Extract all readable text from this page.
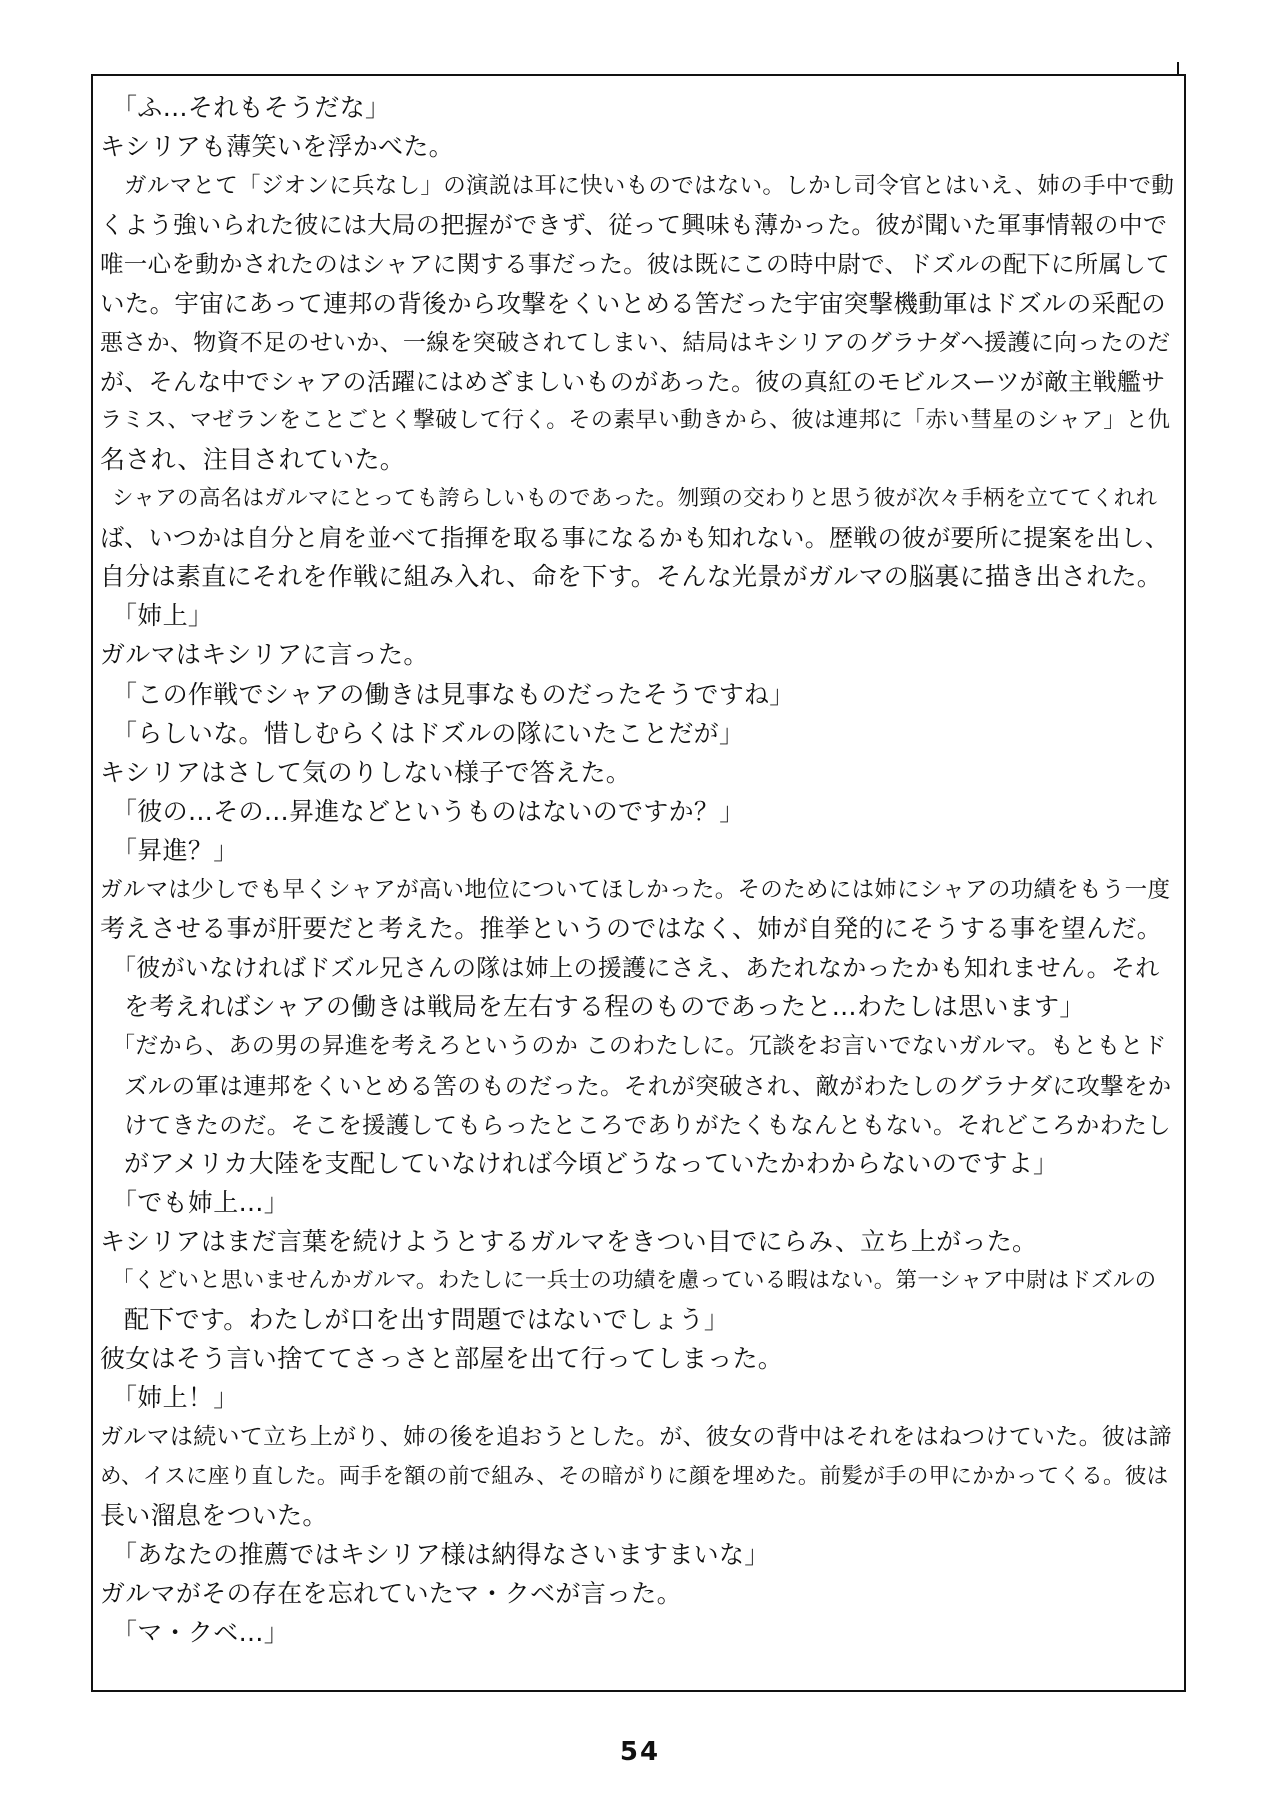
「ふ…それもそうだな」
キシリアも薄笑いを浮かべた。
ガルマとて「ジオンに兵なし」の演説は耳に快いものではない。しかし司令官とはいえ、姉の手中で動
くよう強いられた彼には大局の把握ができず、従って興味も薄かった。彼が聞いた軍事情報の中で
唯一心を動かされたのはシャアに関する事だった。彼は既にこの時中尉で、ドズルの配下に所属して
いた。宇宙にあって連邦の背後から攻撃をくいとめる筈だった宇宙突撃機動軍はドズルの采配の
悪さか、物資不足のせいか、一線を突破されてしまい、結局はキシリアのグラナダへ援護に向ったのだ
が、そんな中でシャアの活躍にはめざましいものがあった。彼の真紅のモビルスーツが敵主戦艦サ
ラミス、マゼランをことごとく撃破して行く。その素早い動きから、彼は連邦に「赤い彗星のシャア」と仇
名され、注目されていた。
シャアの高名はガルマにとっても誇らしいものであった。刎頸の交わりと思う彼が次々手柄を立ててくれれ
ば、いつかは自分と肩を並べて指揮を取る事になるかも知れない。歴戦の彼が要所に提案を出し、
自分は素直にそれを作戦に組み入れ、命を下す。そんな光景がガルマの脳裏に描き出された。
「姉上」
ガルマはキシリアに言った。
「この作戦でシャアの働きは見事なものだったそうですね」
「らしいな。惜しむらくはドズルの隊にいたことだが」
キシリアはさして気のりしない様子で答えた。
「彼の…その…昇進などというものはないのですか？」
「昇進？」
ガルマは少しでも早くシャアが高い地位についてほしかった。そのためには姉にシャアの功績をもう一度
考えさせる事が肝要だと考えた。推挙というのではなく、姉が自発的にそうする事を望んだ。
「彼がいなければドズル兄さんの隊は姉上の援護にさえ、あたれなかったかも知れません。それ
を考えればシャアの働きは戦局を左右する程のものであったと…わたしは思います」
「だから、あの男の昇進を考えろというのか このわたしに。冗談をお言いでないガルマ。もともとド
ズルの軍は連邦をくいとめる筈のものだった。それが突破され、敵がわたしのグラナダに攻撃をか
けてきたのだ。そこを援護してもらったところでありがたくもなんともない。それどころかわたし
がアメリカ大陸を支配していなければ今頃どうなっていたかわからないのですよ」
「でも姉上…」
キシリアはまだ言葉を続けようとするガルマをきつい目でにらみ、立ち上がった。
「くどいと思いませんかガルマ。わたしに一兵士の功績を慮っている暇はない。第一シャア中尉はドズルの
配下です。わたしが口を出す問題ではないでしょう」
彼女はそう言い捨ててさっさと部屋を出て行ってしまった。
「姉上！」
ガルマは続いて立ち上がり、姉の後を追おうとした。が、彼女の背中はそれをはねつけていた。彼は諦
め、イスに座り直した。両手を額の前で組み、その暗がりに顔を埋めた。前髪が手の甲にかかってくる。彼は
長い溜息をついた。
「あなたの推薦ではキシリア様は納得なさいますまいな」
ガルマがその存在を忘れていたマ・クベが言った。
「マ・クベ…」
54
